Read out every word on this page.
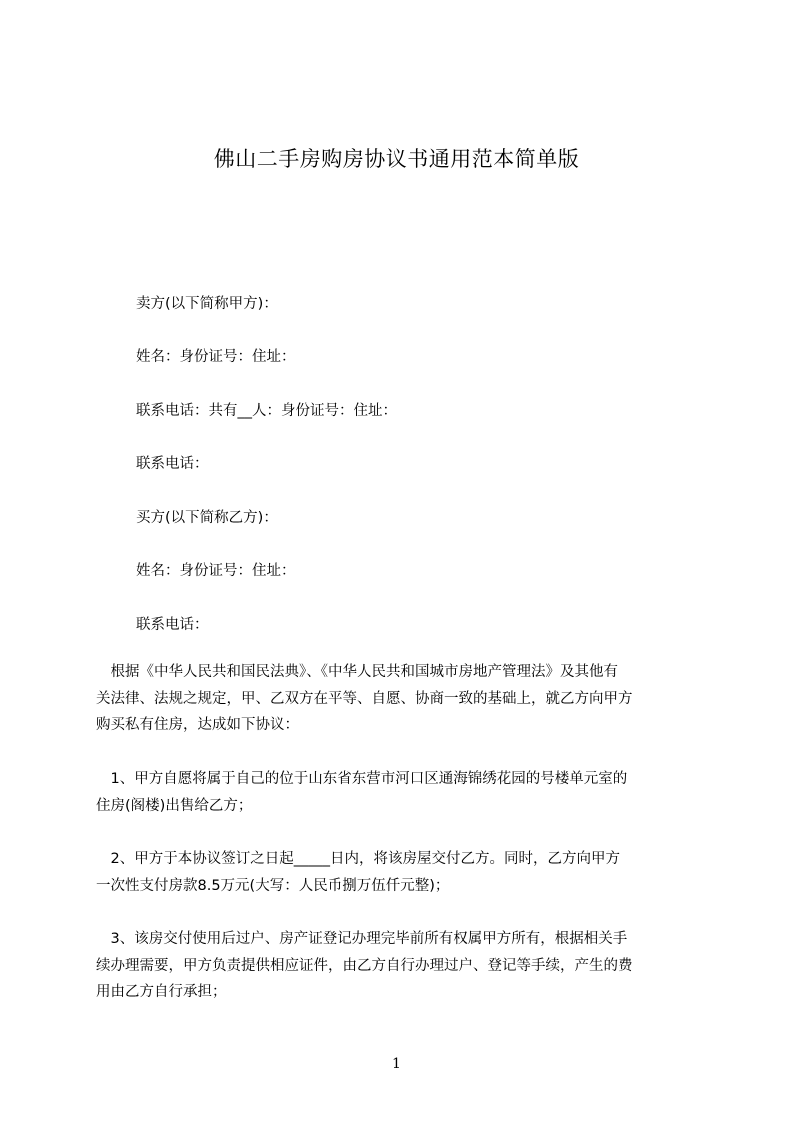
佛山二手房购房协议书通用范本简单版
卖方(以下简称甲方)：
姓名：身份证号：住址：
联系电话：共有__人：身份证号：住址：
联系电话：
买方(以下简称乙方)：
姓名：身份证号：住址：
联系电话：

　根据《中华人民共和国民法典》、《中华人民共和国城市房地产管理法》及其他有

关法律、法规之规定，甲、乙双方在平等、自愿、协商一致的基础上，就乙方向甲方

购买私有住房，达成如下协议：

　1、甲方自愿将属于自己的位于山东省东营市河口区通海锦绣花园的号楼单元室的

住房(阁楼)出售给乙方；

　2、甲方于本协议签订之日起_____日内，将该房屋交付乙方。同时，乙方向甲方

一次性支付房款8.5万元(大写：人民币捌万伍仟元整)；

　3、该房交付使用后过户、房产证登记办理完毕前所有权属甲方所有，根据相关手

续办理需要，甲方负责提供相应证件，由乙方自行办理过户、登记等手续，产生的费

用由乙方自行承担；

1
